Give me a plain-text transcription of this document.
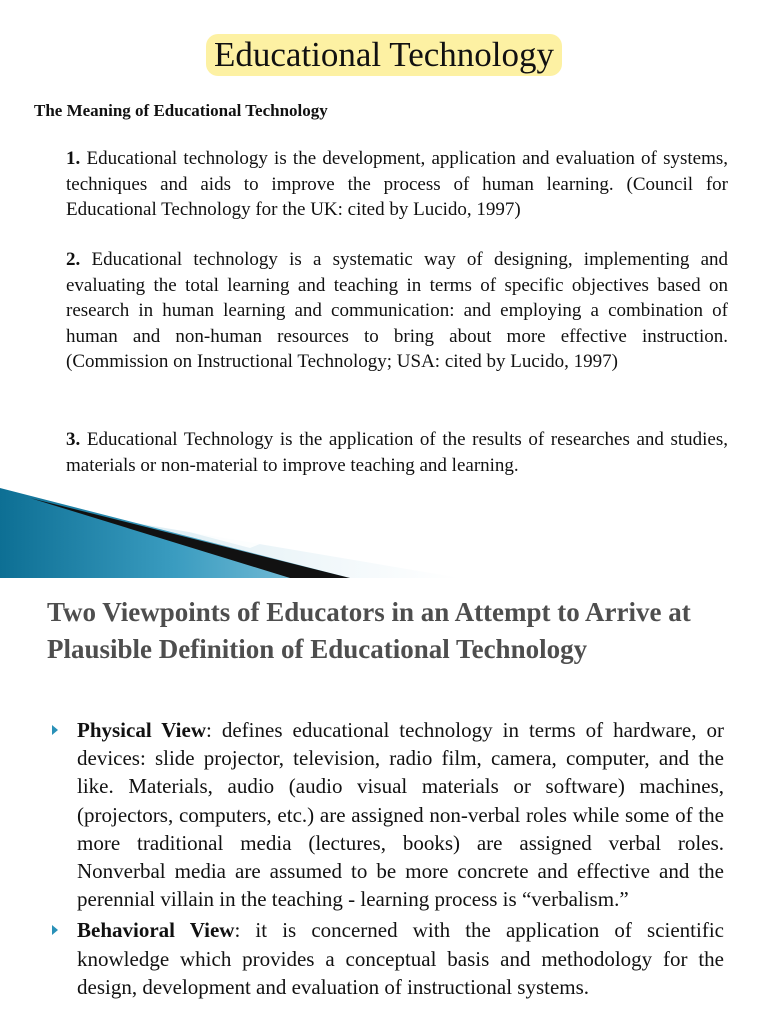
Educational Technology
The Meaning of Educational Technology
1. Educational technology is the development, application and evaluation of systems, techniques and aids to improve the process of human learning. (Council for Educational Technology for the UK: cited by Lucido, 1997)
2. Educational technology is a systematic way of designing, implementing and evaluating the total learning and teaching in terms of specific objectives based on research in human learning and communication: and employing a combination of human and non-human resources to bring about more effective instruction. (Commission on Instructional Technology; USA: cited by Lucido, 1997)
3. Educational Technology is the application of the results of researches and studies, materials or non-material to improve teaching and learning.
Two Viewpoints of Educators in an Attempt to Arrive at Plausible Definition of Educational Technology
Physical View: defines educational technology in terms of hardware, or devices: slide projector, television, radio film, camera, computer, and the like. Materials, audio (audio visual materials or software) machines, (projectors, computers, etc.) are assigned non-verbal roles while some of the more traditional media (lectures, books) are assigned verbal roles. Nonverbal media are assumed to be more concrete and effective and the perennial villain in the teaching - learning process is “verbalism.”
Behavioral View: it is concerned with the application of scientific knowledge which provides a conceptual basis and methodology for the design, development and evaluation of instructional systems.
